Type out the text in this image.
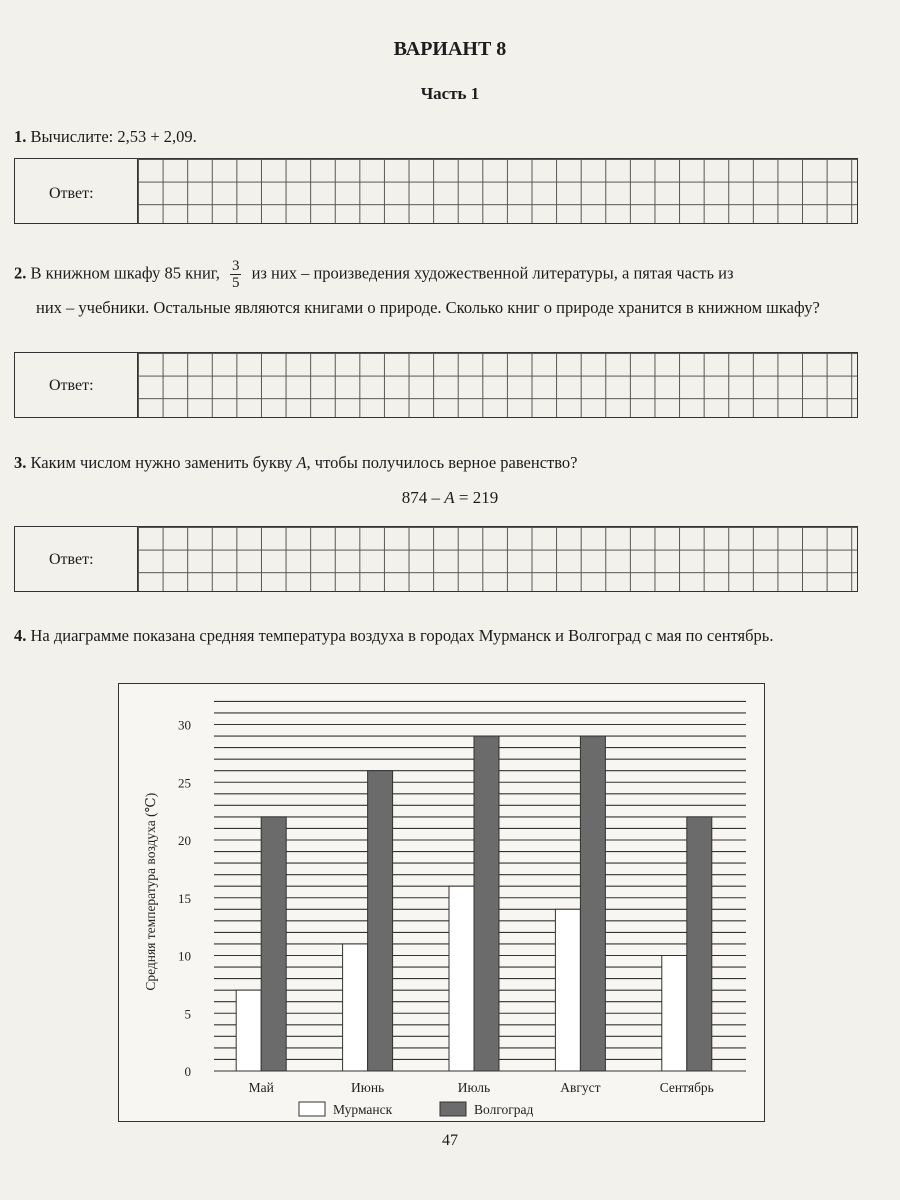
ВАРИАНТ 8
Часть 1
1. Вычислите: 2,53 + 2,09.
Ответ:
2. В книжном шкафу 85 книг, $\frac{3}{5}$ из них – произведения художественной литературы, а пятая часть из
них – учебники. Остальные являются книгами о природе. Сколько книг о природе хранится в книжном шкафу?
Ответ:
3. Каким числом нужно заменить букву А, чтобы получилось верное равенство?
874 – А = 219
Ответ:
4. На диаграмме показана средняя температура воздуха в городах Мурманск и Волгоград с мая по сентябрь.
0
5
10
15
20
25
30
Средняя температура воздуха (℃)
Май	Июнь	Июль	Август	Сентябрь
Мурманск	Волгоград
47
